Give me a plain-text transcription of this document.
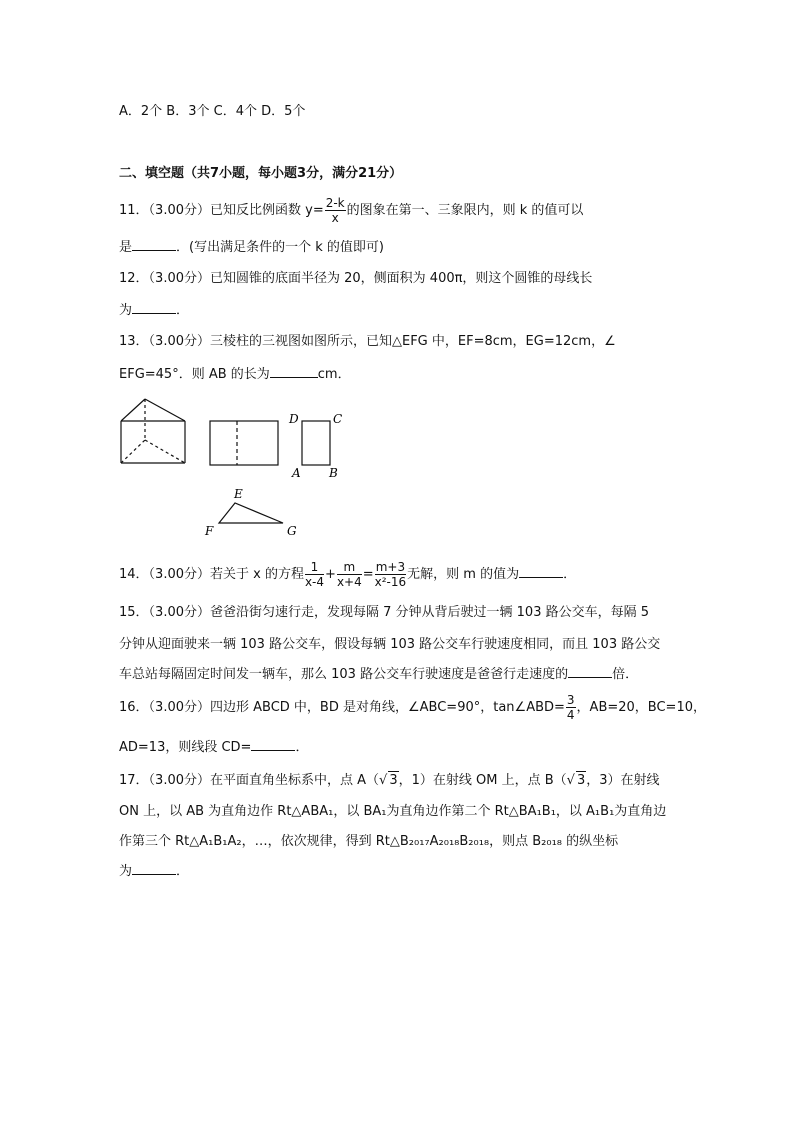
A．2个 B．3个 C．4个 D．5个
二、填空题（共7小题，每小题3分，满分21分）
11．（3.00分）已知反比例函数 $y= \frac{2-k}{x}$ 的图象在第一、三象限内，则 k 的值可以
是	．(写出满足条件的一个 k 的值即可)
12．（3.00分）已知圆锥的底面半径为 20，侧面积为 400π，则这个圆锥的母线长
为	．
13．（3.00分）三棱柱的三视图如图所示，已知△EFG 中，EF=8cm，EG=12cm，∠
EFG=45°．则 AB 的长为	cm．
D	C
A B
E
F	G
14．（3.00分）若关于 x 的方程 $\frac{1}{x-4} + \frac{m}{x+4} = \frac{m+3}{\text{x²-16}}$ 无解，则 m 的值为	．
15．（3.00分）爸爸沿街匀速行走，发现每隔 7 分钟从背后驶过一辆 103 路公交车，每隔 5
分钟从迎面驶来一辆 103 路公交车，假设每辆 103 路公交车行驶速度相同，而且 103 路公交
车总站每隔固定时间发一辆车，那么 103 路公交车行驶速度是爸爸行走速度的	倍．
16．（3.00分）四边形 ABCD 中，BD 是对角线，∠ABC=90°，tan∠ABD= $\frac{3}{4}$ ，AB=20，BC=10，
AD=13，则线段 CD=	．
17．（3.00分）在平面直角坐标系中，点 A（√ 3，1）在射线 OM 上，点 B（√ 3，3）在射线
ON 上，以 AB 为直角边作 Rt△ABA₁，以 BA₁为直角边作第二个 Rt△BA₁B₁，以 A₁B₁为直角边
作第三个 Rt△A₁B₁A₂，…，依次规律，得到 Rt△B₂₀₁₇A₂₀₁₈B₂₀₁₈，则点 B₂₀₁₈ 的纵坐标
为	．
